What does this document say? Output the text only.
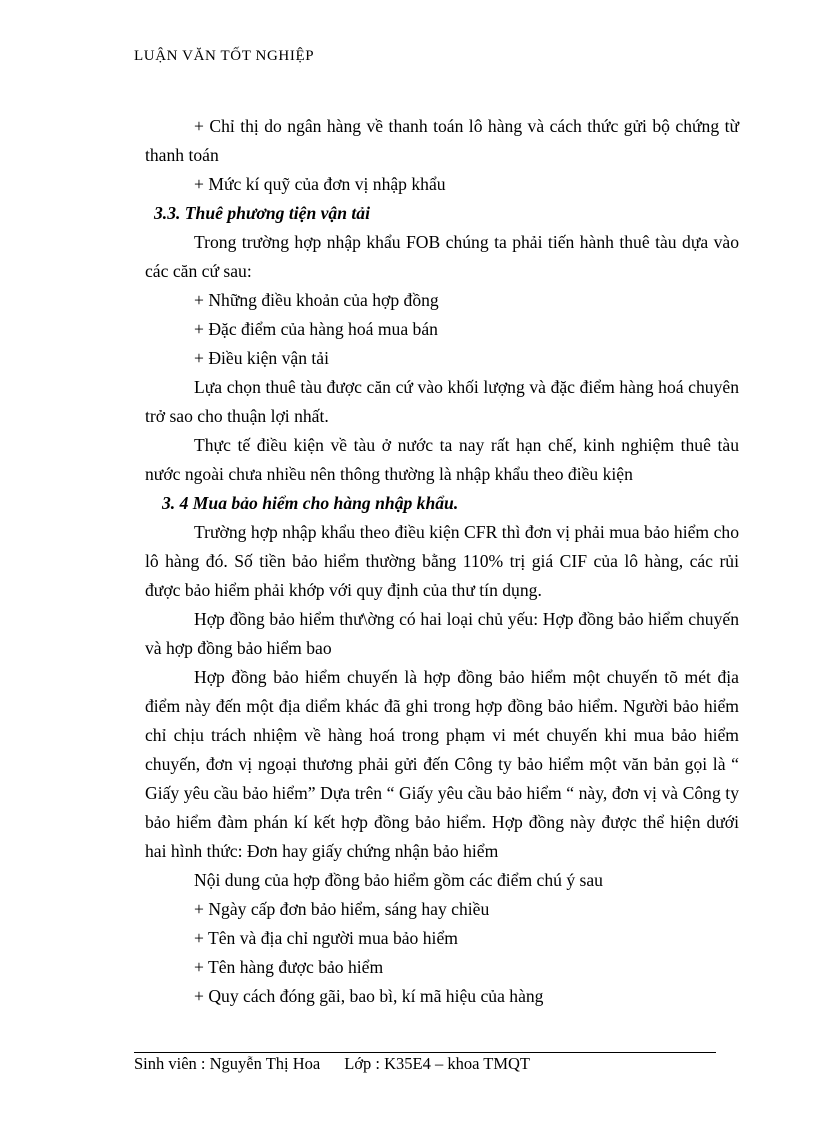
LUẬN VĂN TỐT NGHIỆP

+ Chỉ thị do ngân hàng về thanh toán lô hàng và cách thức gửi bộ chứng từ thanh toán

+ Mức kí quỹ của đơn vị nhập khẩu

3.3. Thuê phương tiện vận tải

Trong trường hợp nhập khẩu FOB chúng ta phải tiến hành thuê tàu dựa vào các căn cứ sau:

+ Những điều khoản của hợp đồng

+ Đặc điểm của hàng hoá mua bán

+ Điều kiện vận tải

Lựa chọn thuê tàu được căn cứ vào khối lượng và đặc điểm hàng hoá chuyên trở sao cho thuận lợi nhất.

Thực tế điều kiện về tàu ở nước ta nay rất hạn chế, kinh nghiệm thuê tàu nước ngoài chưa nhiều nên thông thường là nhập khẩu theo điều kiện

3. 4 Mua bảo hiểm cho hàng nhập khẩu.

Trường hợp nhập khẩu theo điều kiện CFR thì đơn vị phải mua bảo hiểm cho lô hàng đó. Số tiền bảo hiểm thường bằng 110% trị giá CIF của lô hàng, các rủi được bảo hiểm phải khớp với quy định của thư tín dụng.

Hợp đồng bảo hiểm thư\ờng có hai loại chủ yếu: Hợp đồng bảo hiểm chuyến và hợp đồng bảo hiểm bao

Hợp đồng bảo hiểm chuyến là hợp đồng bảo hiểm một chuyến tõ mét địa điểm này đến một địa diểm khác đã ghi trong hợp đồng bảo hiểm. Người bảo hiểm chỉ chịu trách nhiệm về hàng hoá trong phạm vi mét chuyến khi mua bảo hiểm chuyến, đơn vị ngoại thương phải gửi đến Công ty bảo hiểm một văn bản gọi là “ Giấy yêu cầu bảo hiểm” Dựa trên “ Giấy yêu cầu bảo hiểm “ này, đơn vị và Công ty bảo hiểm đàm phán kí kết hợp đồng bảo hiểm. Hợp đồng này được thể hiện dưới hai hình thức: Đơn hay giấy chứng nhận bảo hiểm

Nội dung của hợp đồng bảo hiểm gồm các điểm chú ý sau

+ Ngày cấp đơn bảo hiểm, sáng hay chiều

+ Tên và địa chỉ người mua bảo hiểm

+ Tên hàng được bảo hiểm

+ Quy cách đóng gãi, bao bì, kí mã hiệu của hàng

Sinh viên : Nguyễn Thị Hoa Lớp : K35E4 – khoa TMQT
